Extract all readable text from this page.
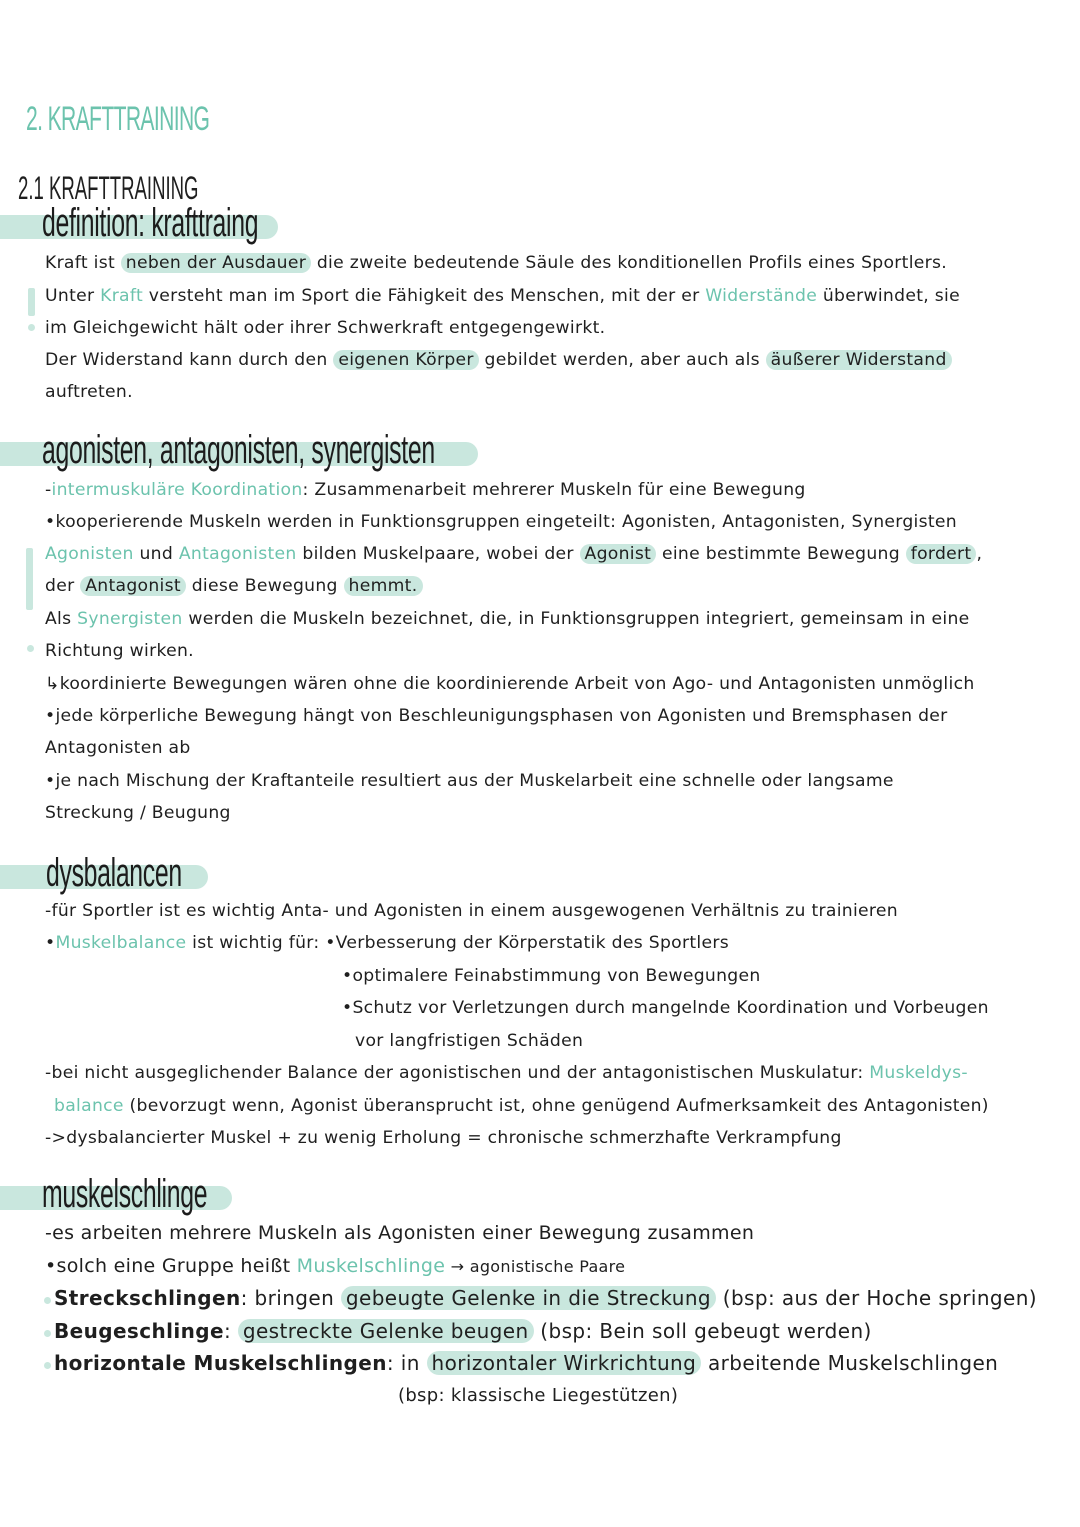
2. KRAFTTRAINING
2.1 KRAFTTRAINING
definition: krafttraing
Kraft ist neben der Ausdauer die zweite bedeutende Säule des konditionellen Profils eines Sportlers.
Unter Kraft versteht man im Sport die Fähigkeit des Menschen, mit der er Widerstände überwindet, sie
im Gleichgewicht hält oder ihrer Schwerkraft entgegengewirkt.
Der Widerstand kann durch den eigenen Körper gebildet werden, aber auch als äußerer Widerstand
auftreten.
agonisten, antagonisten, synergisten
-intermuskuläre Koordination: Zusammenarbeit mehrerer Muskeln für eine Bewegung
•kooperierende Muskeln werden in Funktionsgruppen eingeteilt: Agonisten, Antagonisten, Synergisten
Agonisten und Antagonisten bilden Muskelpaare, wobei der Agonist eine bestimmte Bewegung fordert ,
der Antagonist diese Bewegung hemmt.
Als Synergisten werden die Muskeln bezeichnet, die, in Funktionsgruppen integriert, gemeinsam in eine
Richtung wirken.
↳koordinierte Bewegungen wären ohne die koordinierende Arbeit von Ago- und Antagonisten unmöglich
•jede körperliche Bewegung hängt von Beschleunigungsphasen von Agonisten und Bremsphasen der
Antagonisten ab
•je nach Mischung der Kraftanteile resultiert aus der Muskelarbeit eine schnelle oder langsame
Streckung / Beugung
dysbalancen
-für Sportler ist es wichtig Anta- und Agonisten in einem ausgewogenen Verhältnis zu trainieren
•Muskelbalance ist wichtig für: •Verbesserung der Körperstatik des Sportlers
•optimalere Feinabstimmung von Bewegungen
•Schutz vor Verletzungen durch mangelnde Koordination und Vorbeugen
vor langfristigen Schäden
-bei nicht ausgeglichender Balance der agonistischen und der antagonistischen Muskulatur: Muskeldys-
balance (bevorzugt wenn, Agonist überansprucht ist, ohne genügend Aufmerksamkeit des Antagonisten)
->dysbalancierter Muskel + zu wenig Erholung = chronische schmerzhafte Verkrampfung
muskelschlinge
-es arbeiten mehrere Muskeln als Agonisten einer Bewegung zusammen
•solch eine Gruppe heißt Muskelschlinge → agonistische Paare
Streckschlingen: bringen gebeugte Gelenke in die Streckung (bsp: aus der Hoche springen)
Beugeschlinge: gestreckte Gelenke beugen (bsp: Bein soll gebeugt werden)
horizontale Muskelschlingen: in horizontaler Wirkrichtung arbeitende Muskelschlingen
(bsp: klassische Liegestützen)
